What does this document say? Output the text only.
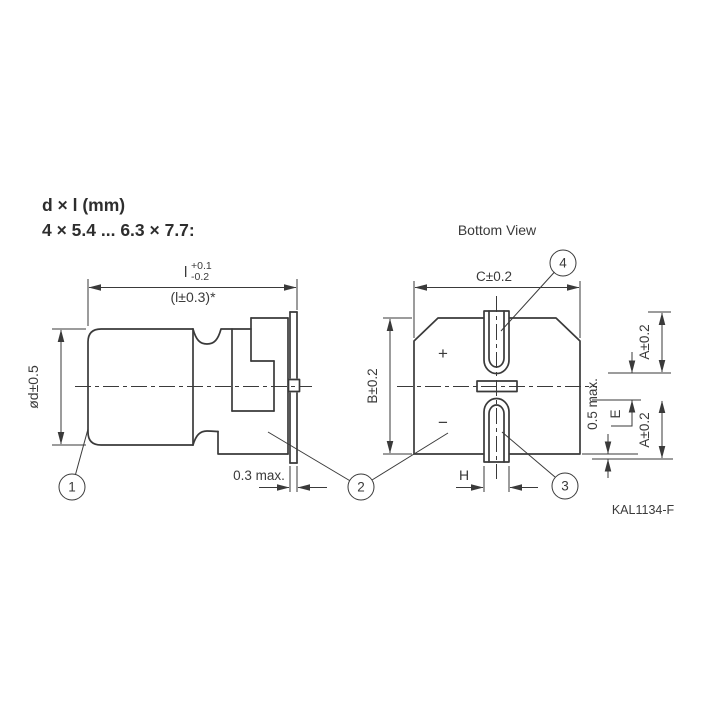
d × l (mm)
4 × 5.4 ... 6.3 × 7.7:	Bottom View
l +0.1
-0.2
(l±0.3)*
ød±0.5
0.3 max.
1	2
+
−
C±0.2
B±0.2
A±0.2
E A±0.2
0.5 max.
H
3
4
KAL1134-F
